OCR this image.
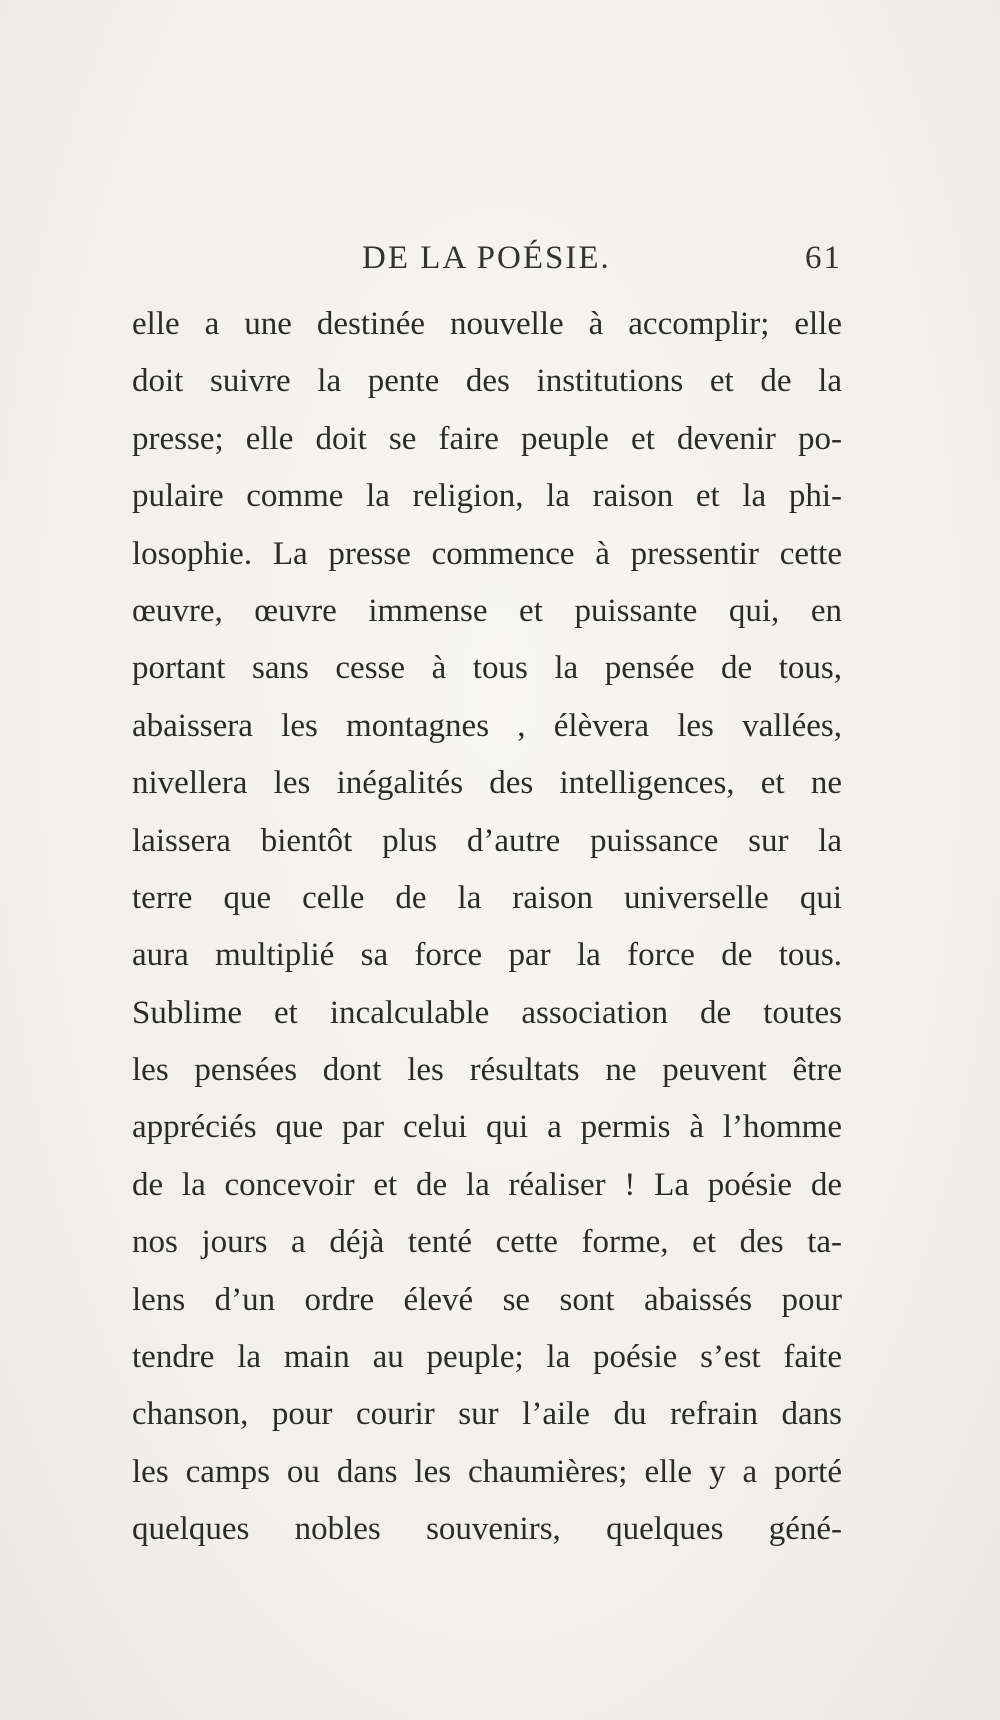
DE LA POÉSIE.	61
elle a une destinée nouvelle à accomplir; elle
doit suivre la pente des institutions et de la
presse; elle doit se faire peuple et devenir po-
pulaire comme la religion, la raison et la phi-
losophie. La presse commence à pressentir cette
œuvre, œuvre immense et puissante qui, en
portant sans cesse à tous la pensée de tous,
abaissera les montagnes , élèvera les vallées,
nivellera les inégalités des intelligences, et ne
laissera bientôt plus d’autre puissance sur la
terre que celle de la raison universelle qui
aura multiplié sa force par la force de tous.
Sublime et incalculable association de toutes
les pensées dont les résultats ne peuvent être
appréciés que par celui qui a permis à l’homme
de la concevoir et de la réaliser ! La poésie de
nos jours a déjà tenté cette forme, et des ta-
lens d’un ordre élevé se sont abaissés pour
tendre la main au peuple; la poésie s’est faite
chanson, pour courir sur l’aile du refrain dans
les camps ou dans les chaumières; elle y a porté
quelques nobles souvenirs, quelques géné-
